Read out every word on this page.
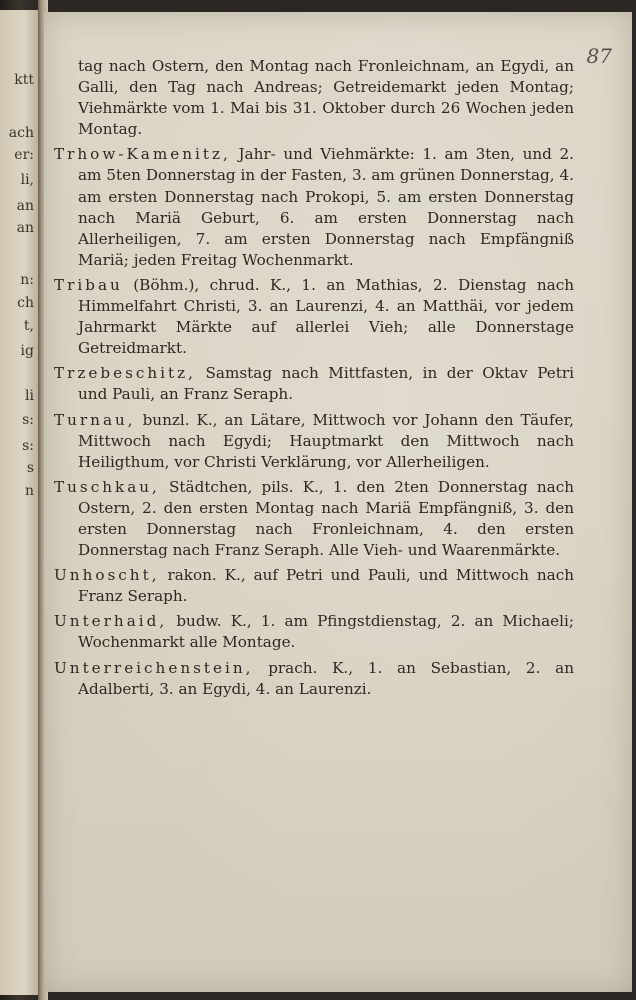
ktt
ach
er:
li,
an
an
n:
ch
t,
ig
li
s:
s:
s
n
87

tag nach Ostern, den Montag nach Fronleichnam, an Egydi, an Galli, den Tag nach Andreas; Getreidemarkt jeden Montag; Viehmärkte vom 1. Mai bis 31. Oktober durch 26 Wochen jeden Montag.

Trhow-Kamenitz, Jahr- und Viehmärkte: 1. am 3ten, und 2. am 5ten Donnerstag in der Fasten, 3. am grünen Donnerstag, 4. am ersten Donnerstag nach Prokopi, 5. am ersten Donnerstag nach Mariä Geburt, 6. am ersten Donnerstag nach Allerheiligen, 7. am ersten Donnerstag nach Empfängniß Mariä; jeden Freitag Wochenmarkt.

Tribau (Böhm.), chrud. K., 1. an Mathias, 2. Dienstag nach Himmelfahrt Christi, 3. an Laurenzi, 4. an Matthäi, vor jedem Jahrmarkt Märkte auf allerlei Vieh; alle Donnerstage Getreidmarkt.

Trzebeschitz, Samstag nach Mittfasten, in der Oktav Petri und Pauli, an Franz Seraph.

Turnau, bunzl. K., an Lätare, Mittwoch vor Johann den Täufer, Mittwoch nach Egydi; Hauptmarkt den Mittwoch nach Heiligthum, vor Christi Verklärung, vor Allerheiligen.

Tuschkau, Städtchen, pils. K., 1. den 2ten Donnerstag nach Ostern, 2. den ersten Montag nach Mariä Empfängniß, 3. den ersten Donnerstag nach Fronleichnam, 4. den ersten Donnerstag nach Franz Seraph. Alle Vieh- und Waarenmärkte.

Unhoscht, rakon. K., auf Petri und Pauli, und Mittwoch nach Franz Seraph.

Unterhaid, budw. K., 1. am Pfingstdienstag, 2. an Michaeli; Wochenmarkt alle Montage.

Unterreichenstein, prach. K., 1. an Sebastian, 2. an Adalberti, 3. an Egydi, 4. an Laurenzi.
